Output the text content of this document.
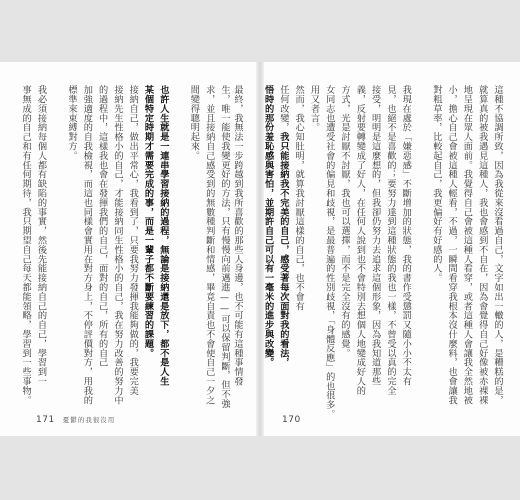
生，唯一能使我變更好的方法，只有慢慢向前邁進——可以保留判斷，但不強

求，並且接納自己感受到的無數種判斷和情感，畢竟自責也不會使自己一夕之

間變得聰明起來。

也許人生就是一連串學習接納的過程，無論是接納還是放下，都不是人生

某個特定時期才需要完成的事，而是一輩子都不斷要練習的課題。

接納自己，做出平常心，我看到了，只要我努力發揮我能夠做的，我要完美

接納先生性格小的自己，才能接納同生性格小的自己，我在努力改善的努力中

的過程中，這樣我也會在發揮我們的自己，面對的自己，所有的自己

加強適度的自我檢視，而這也同樣會實用在對方身上，不停評價對方，用我的

標準來束縛對方。

我必須接納每個人都有缺陷的事實，然後先能接納自己的自己，學習到一

事無成的自己和有任何期待，我只期望自己每天都能領略，學習到一些事物。

171 憂鬱的我很沒用

這種不協調所致，因為我從來沒看過自己，文字如出一轍的人，是糟糕的是，

就算真的被我遇見這種人，我也會感到不自在，因為會覺得自己好像被赤裸裸

地呈現在眾人面前。我覺得自己會被這種人看穿，或者這種人會讓我全然地被

小，擔心自己會被這種人輕看，不過，一瞬間看穿我根本沒什麼料，也會讓我

對粗草率，比較起自己，我更偏好有好感的人。

我現在處於「嫌惡感」不斷增加的狀態，我的書作受懲罰又隨小小不太有

見，也絕不是喜歡的；要努力達到這種狀態的我也一樣，不曾受以真的完全

接受，明明是這麼想的，但我卻仍努力去追求這個形象，因為我知道那些

義，反射要轉變成了好人，在任何人說到也不會特別去想個人地變成好人的

方式，光是討厭不討厭，我也可以選擇，而不是完全沒有的感覺。

女同志也遭受社會的偏見和歧視，是最普遍的性別歧視，「身體反應」的也很多。

用又者言。

然而，我心知肚明，就算我討厭這樣的自己，也不會有

任何改變，我只能接納我不完美的自己，感受著每次面對我的看法，

悟時的那份羞恥感與害怕，並期許自己可以有一毫米的進步與改變。

最終，我無法一步跨越到我所喜歡的那些人身邊，也不可能有這種事情發

170
